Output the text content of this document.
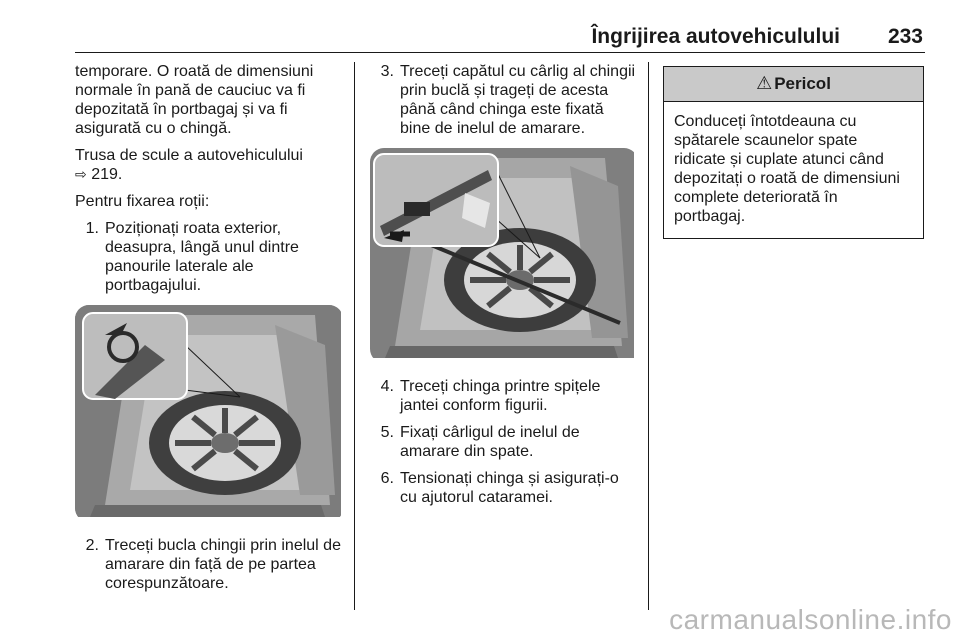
Îngrijirea autovehiculului 233

temporare. O roată de dimensiuni normale în pană de cauciuc va fi depozitată în portbagaj și va fi asigurată cu o chingă.

Trusa de scule a autovehiculului
⇨ 219.

Pentru fixarea roții:

1. Poziționați roata exterior, deasupra, lângă unul dintre panourile laterale ale portbagajului.
2. Treceți bucla chingii prin inelul de amarare din față de pe partea corespunzătoare.
3. Treceți capătul cu cârlig al chingii prin buclă și trageți de acesta până când chinga este fixată bine de inelul de amarare.
4. Treceți chinga printre spițele jantei conform figurii.
5. Fixați cârligul de inelul de amarare din spate.
6. Tensionați chinga și asigurați-o cu ajutorul cataramei.
⚠ Pericol
Conduceți întotdeauna cu spătarele scaunelor spate ridicate și cuplate atunci când depozitați o roată de dimensiuni complete deteriorată în portbagaj.
carmanualsonline.info
